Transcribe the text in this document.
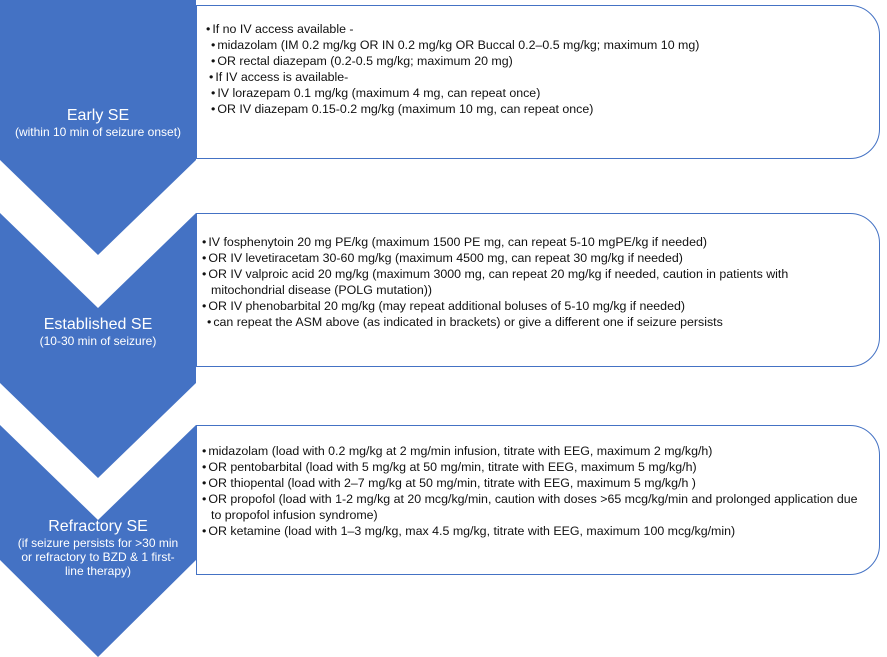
Early SE
(within 10 min of seizure onset)
Established SE
(10-30 min of seizure)
Refractory SE
(if seizure persists for >30 min
or refractory to BZD & 1 first-
line therapy)
• If no IV access available -
• midazolam (IM 0.2 mg/kg OR IN 0.2 mg/kg OR Buccal 0.2–0.5 mg/kg; maximum 10 mg)
• OR rectal diazepam (0.2-0.5 mg/kg; maximum 20 mg)
• If IV access is available-
• IV lorazepam 0.1 mg/kg (maximum 4 mg, can repeat once)
• OR IV diazepam 0.15-0.2 mg/kg (maximum 10 mg, can repeat once)
• IV fosphenytoin 20 mg PE/kg (maximum 1500 PE mg, can repeat 5-10 mgPE/kg if needed)
• OR IV levetiracetam 30-60 mg/kg (maximum 4500 mg, can repeat 30 mg/kg if needed)
• OR IV valproic acid 20 mg/kg (maximum 3000 mg, can repeat 20 mg/kg if needed, caution in patients with mitochondrial disease (POLG mutation))
• OR IV phenobarbital 20 mg/kg (may repeat additional boluses of 5-10 mg/kg if needed)
• can repeat the ASM above (as indicated in brackets) or give a different one if seizure persists
• midazolam (load with 0.2 mg/kg at 2 mg/min infusion, titrate with EEG, maximum 2 mg/kg/h)
• OR pentobarbital (load with 5 mg/kg at 50 mg/min, titrate with EEG, maximum 5 mg/kg/h)
• OR thiopental (load with 2–7 mg/kg at 50 mg/min, titrate with EEG, maximum 5 mg/kg/h )
• OR propofol (load with 1-2 mg/kg at 20 mcg/kg/min, caution with doses >65 mcg/kg/min and prolonged application due to propofol infusion syndrome)
• OR ketamine (load with 1–3 mg/kg, max 4.5 mg/kg, titrate with EEG, maximum 100 mcg/kg/min)
